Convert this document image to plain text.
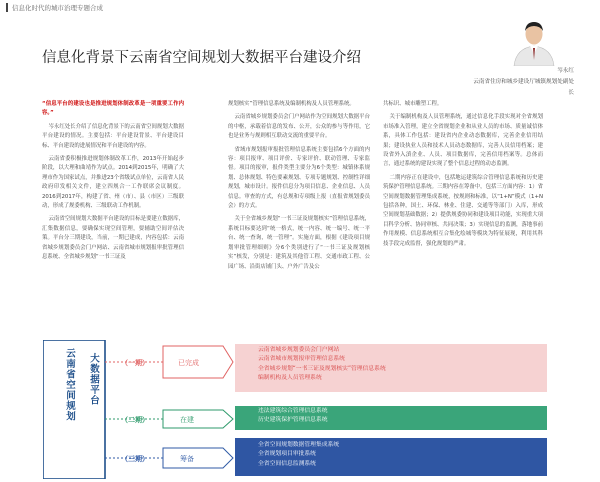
信息化时代的城市治理专题合成
信息化背景下云南省空间规划大数据平台建设介绍
岑永红
云南省住房和城乡建设厅城镇规划处副处长

“信息平台的建设也是推进规划体制改革是一项重要工作内容。”

岑永红处长介绍了信息化背景下的云南省空间规划大数据平台建设的情况。主要包括：平台建设背景、平台建设目标、平台建设的进展情况和平台建设的内容。

云南省委积极推进规划体制改革工作，2013年开始起步阶段，以大理和曲靖作为试点。2014到2015年，明确了大理市作为国家试点，并推进23个省级试点单位，云南省人民政府印发相关文件，建立四规合一工作联席会议制度。2016到2017年，构建了省、州（市）、县（市区）三级联动，形成了规委机构、三级联动工作机制。

云南省空间规划大数据平台建设的目标是要建立数据库，汇集数据信息，要确保实现空间管理，要辅助空间评估决策。平台分三期建设，当前，一期已建成，内容包括：云南省城乡规划委员会门户网站、云南省城市规划报审批管理信息系统、全省城乡规划“一书三证及

规划核实”管理信息系统及编制机构及人员管理系统。

云南省城乡规划委员会门户网站作为空间规划大数据平台的中枢，承载着信息的发布、公开，公众的参与等作用，它也是业务与规则相互联动交流的重要平台。

省域市规划报审报批管理信息系统主要包括6个方面的内容：项目报审、项目评价、专家评价、联动管理、专家监督。项目的报审，报件类型主要分为6个类型：城镇体系规划、总体规划、特色要素规划、专项专题规划、控制性详细规划，城市设计。报件信息分为项目信息、企业信息、人员信息。审查的方式，有总规和专项级上报（直报省规划委员会）的方式。

关于全省城乡规划“一书三证及规划核实”管理信息系统，系统目标要达到“统一格式，统一内容、统一编号、统一平台、统一查询，统一管理”。实施方面，根据《建设项目规划审批管理细则》分6个类别进行了“一书三证及规划核实”核发，分别是：建筑及其他管工程、交通市政工程、公园广场、沿街店铺门头、户外广告及公

共标识、城市雕塑工程。

关于编制机构及人员管理系统，通过信息化手段实现对全省规划市场准入管理，建立全省规划企业和从业人员的市场、质量诚信体系，具体工作包括：建设省内企业动态数据库，完善企业信用结果；建设执业人员和技术人员动态数据库，完善人员信用档案；建设省外入滇企业、人员、项目数据库，完善信用档案等。总体而言，通过系统的建设实现了整个信息过程的动态监测。

二期内容正在建设中，包括地运建筑综合管理信息系统和历史建筑保护管理信息系统。三期内容在筹备中，包括三方面内容：1）省空间规划数据管理集成系统，按规则和标准，以“1+N”模式（1+N包括各种，国土、环保、林业、住建、交通等等部门）入库，形成空间规划基础数据；2）提供规委协同和建设项目功能，实现重大项目科学分析、协同审核、共同决策；3）实现信息的监测，落地事前作用规模、信息系统相互合集化绘城等模块为特征展现，利用其科技手段完成监督，强化规划的严肃。

云南省空间规划	大数据平台	（一期）	已完成
（二期）	在建
（三期）	筹备
云南省城乡规划委员会门户网站
云南省城市规划报审管理信息系统
全省城乡规划“一书三证及规划核实”管理信息系统
编制机构及人员管理系统
违法建筑综合管理信息系统
历史建筑保护管理信息系统
全省空间规划数据管理集成系统
全省规划项目审批系统
全省空间信息监测系统
